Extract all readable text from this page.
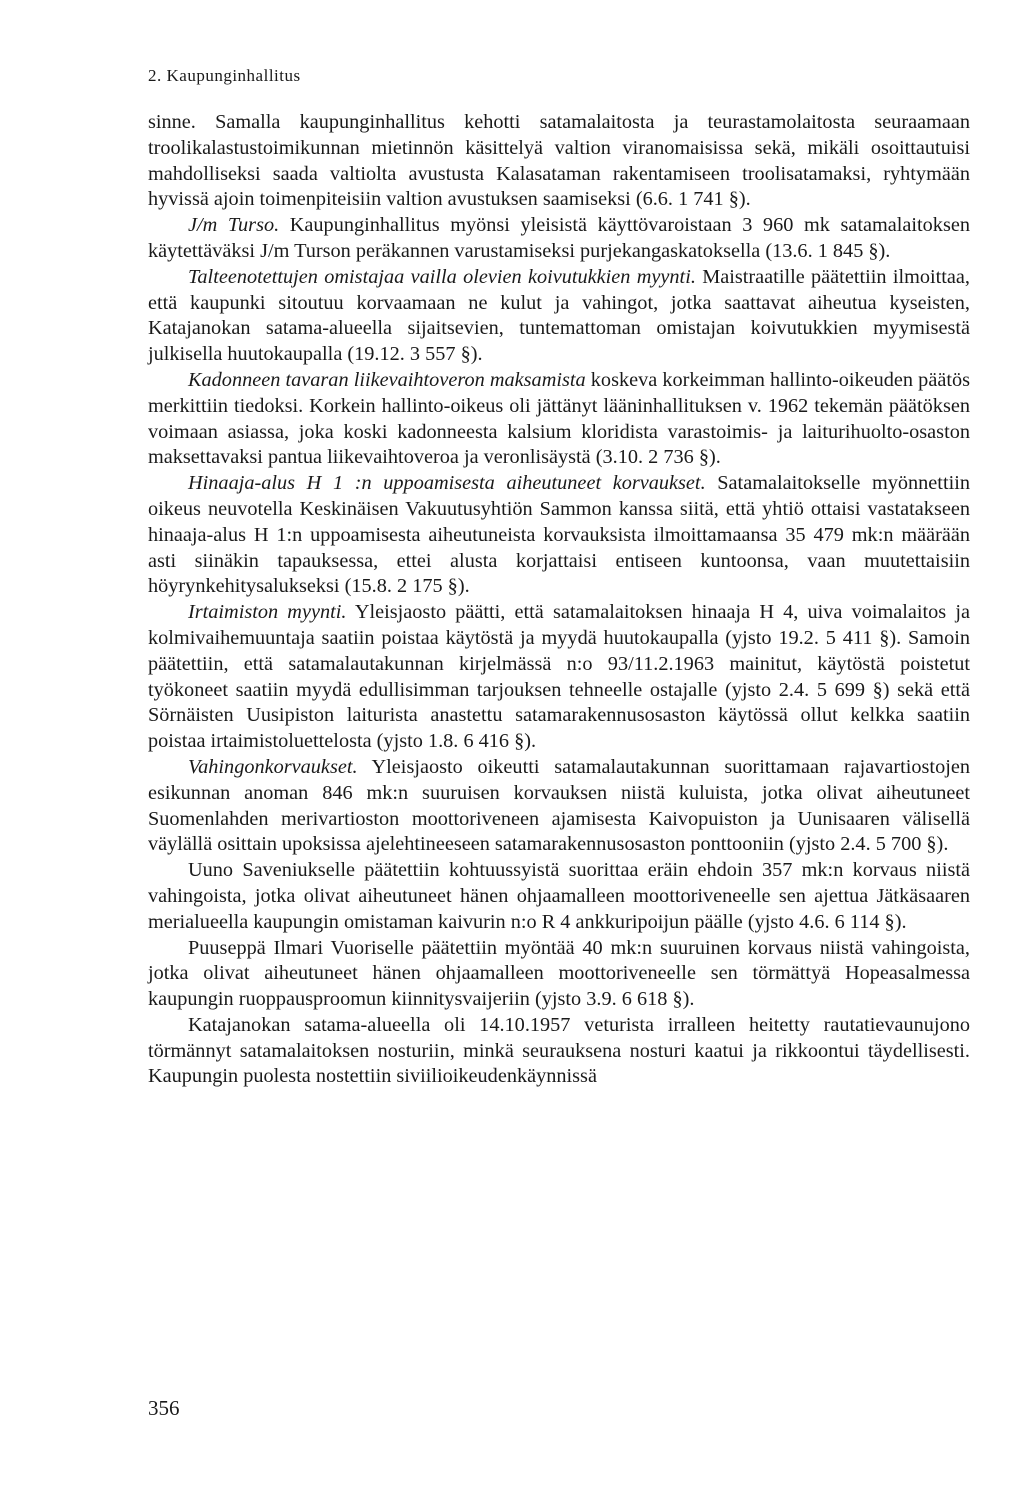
2. Kaupunginhallitus

sinne. Samalla kaupunginhallitus kehotti satamalaitosta ja teurastamolaitosta seuraamaan troolikalastustoimikunnan mietinnön käsittelyä valtion viranomaisissa sekä, mikäli osoittautuisi mahdolliseksi saada valtiolta avustusta Kalasataman rakentamiseen troolisatamaksi, ryhtymään hyvissä ajoin toimenpiteisiin valtion avustuksen saamiseksi (6.6. 1 741 §).

J/m Turso. Kaupunginhallitus myönsi yleisistä käyttövaroistaan 3 960 mk satamalaitoksen käytettäväksi J/m Turson peräkannen varustamiseksi purjekangaskatoksella (13.6. 1 845 §).

Talteenotettujen omistajaa vailla olevien koivutukkien myynti. Maistraatille päätettiin ilmoittaa, että kaupunki sitoutuu korvaamaan ne kulut ja vahingot, jotka saattavat aiheutua kyseisten, Katajanokan satama-alueella sijaitsevien, tuntemattoman omistajan koivutukkien myymisestä julkisella huutokaupalla (19.12. 3 557 §).

Kadonneen tavaran liikevaihtoveron maksamista koskeva korkeimman hallinto-oikeuden päätös merkittiin tiedoksi. Korkein hallinto-oikeus oli jättänyt lääninhallituksen v. 1962 tekemän päätöksen voimaan asiassa, joka koski kadonneesta kalsium kloridista varastoimis- ja laiturihuolto-osaston maksettavaksi pantua liikevaihtoveroa ja veronlisäystä (3.10. 2 736 §).

Hinaaja-alus H 1 :n uppoamisesta aiheutuneet korvaukset. Satamalaitokselle myönnettiin oikeus neuvotella Keskinäisen Vakuutusyhtiön Sammon kanssa siitä, että yhtiö ottaisi vastatakseen hinaaja-alus H 1:n uppoamisesta aiheutuneista korvauksista ilmoittamaansa 35 479 mk:n määrään asti siinäkin tapauksessa, ettei alusta korjattaisi entiseen kuntoonsa, vaan muutettaisiin höyrynkehitysalukseksi (15.8. 2 175 §).

Irtaimiston myynti. Yleisjaosto päätti, että satamalaitoksen hinaaja H 4, uiva voimalaitos ja kolmivaihemuuntaja saatiin poistaa käytöstä ja myydä huutokaupalla (yjsto 19.2. 5 411 §). Samoin päätettiin, että satamalautakunnan kirjelmässä n:o 93/11.2.1963 mainitut, käytöstä poistetut työkoneet saatiin myydä edullisimman tarjouksen tehneelle ostajalle (yjsto 2.4. 5 699 §) sekä että Sörnäisten Uusipiston laiturista anastettu satamarakennusosaston käytössä ollut kelkka saatiin poistaa irtaimistoluettelosta (yjsto 1.8. 6 416 §).

Vahingonkorvaukset. Yleisjaosto oikeutti satamalautakunnan suorittamaan rajavartiostojen esikunnan anoman 846 mk:n suuruisen korvauksen niistä kuluista, jotka olivat aiheutuneet Suomenlahden merivartioston moottoriveneen ajamisesta Kaivopuiston ja Uunisaaren välisellä väylällä osittain upoksissa ajelehtineeseen satamarakennusosaston ponttooniin (yjsto 2.4. 5 700 §).

Uuno Saveniukselle päätettiin kohtuussyistä suorittaa eräin ehdoin 357 mk:n korvaus niistä vahingoista, jotka olivat aiheutuneet hänen ohjaamalleen moottoriveneelle sen ajettua Jätkäsaaren merialueella kaupungin omistaman kaivurin n:o R 4 ankkuripoijun päälle (yjsto 4.6. 6 114 §).

Puuseppä Ilmari Vuoriselle päätettiin myöntää 40 mk:n suuruinen korvaus niistä vahingoista, jotka olivat aiheutuneet hänen ohjaamalleen moottoriveneelle sen törmättyä Hopeasalmessa kaupungin ruoppausproomun kiinnitysvaijeriin (yjsto 3.9. 6 618 §).

Katajanokan satama-alueella oli 14.10.1957 veturista irralleen heitetty rautatievaunujono törmännyt satamalaitoksen nosturiin, minkä seurauksena nosturi kaatui ja rikkoontui täydellisesti. Kaupungin puolesta nostettiin siviilioikeudenkäynnissä

356
